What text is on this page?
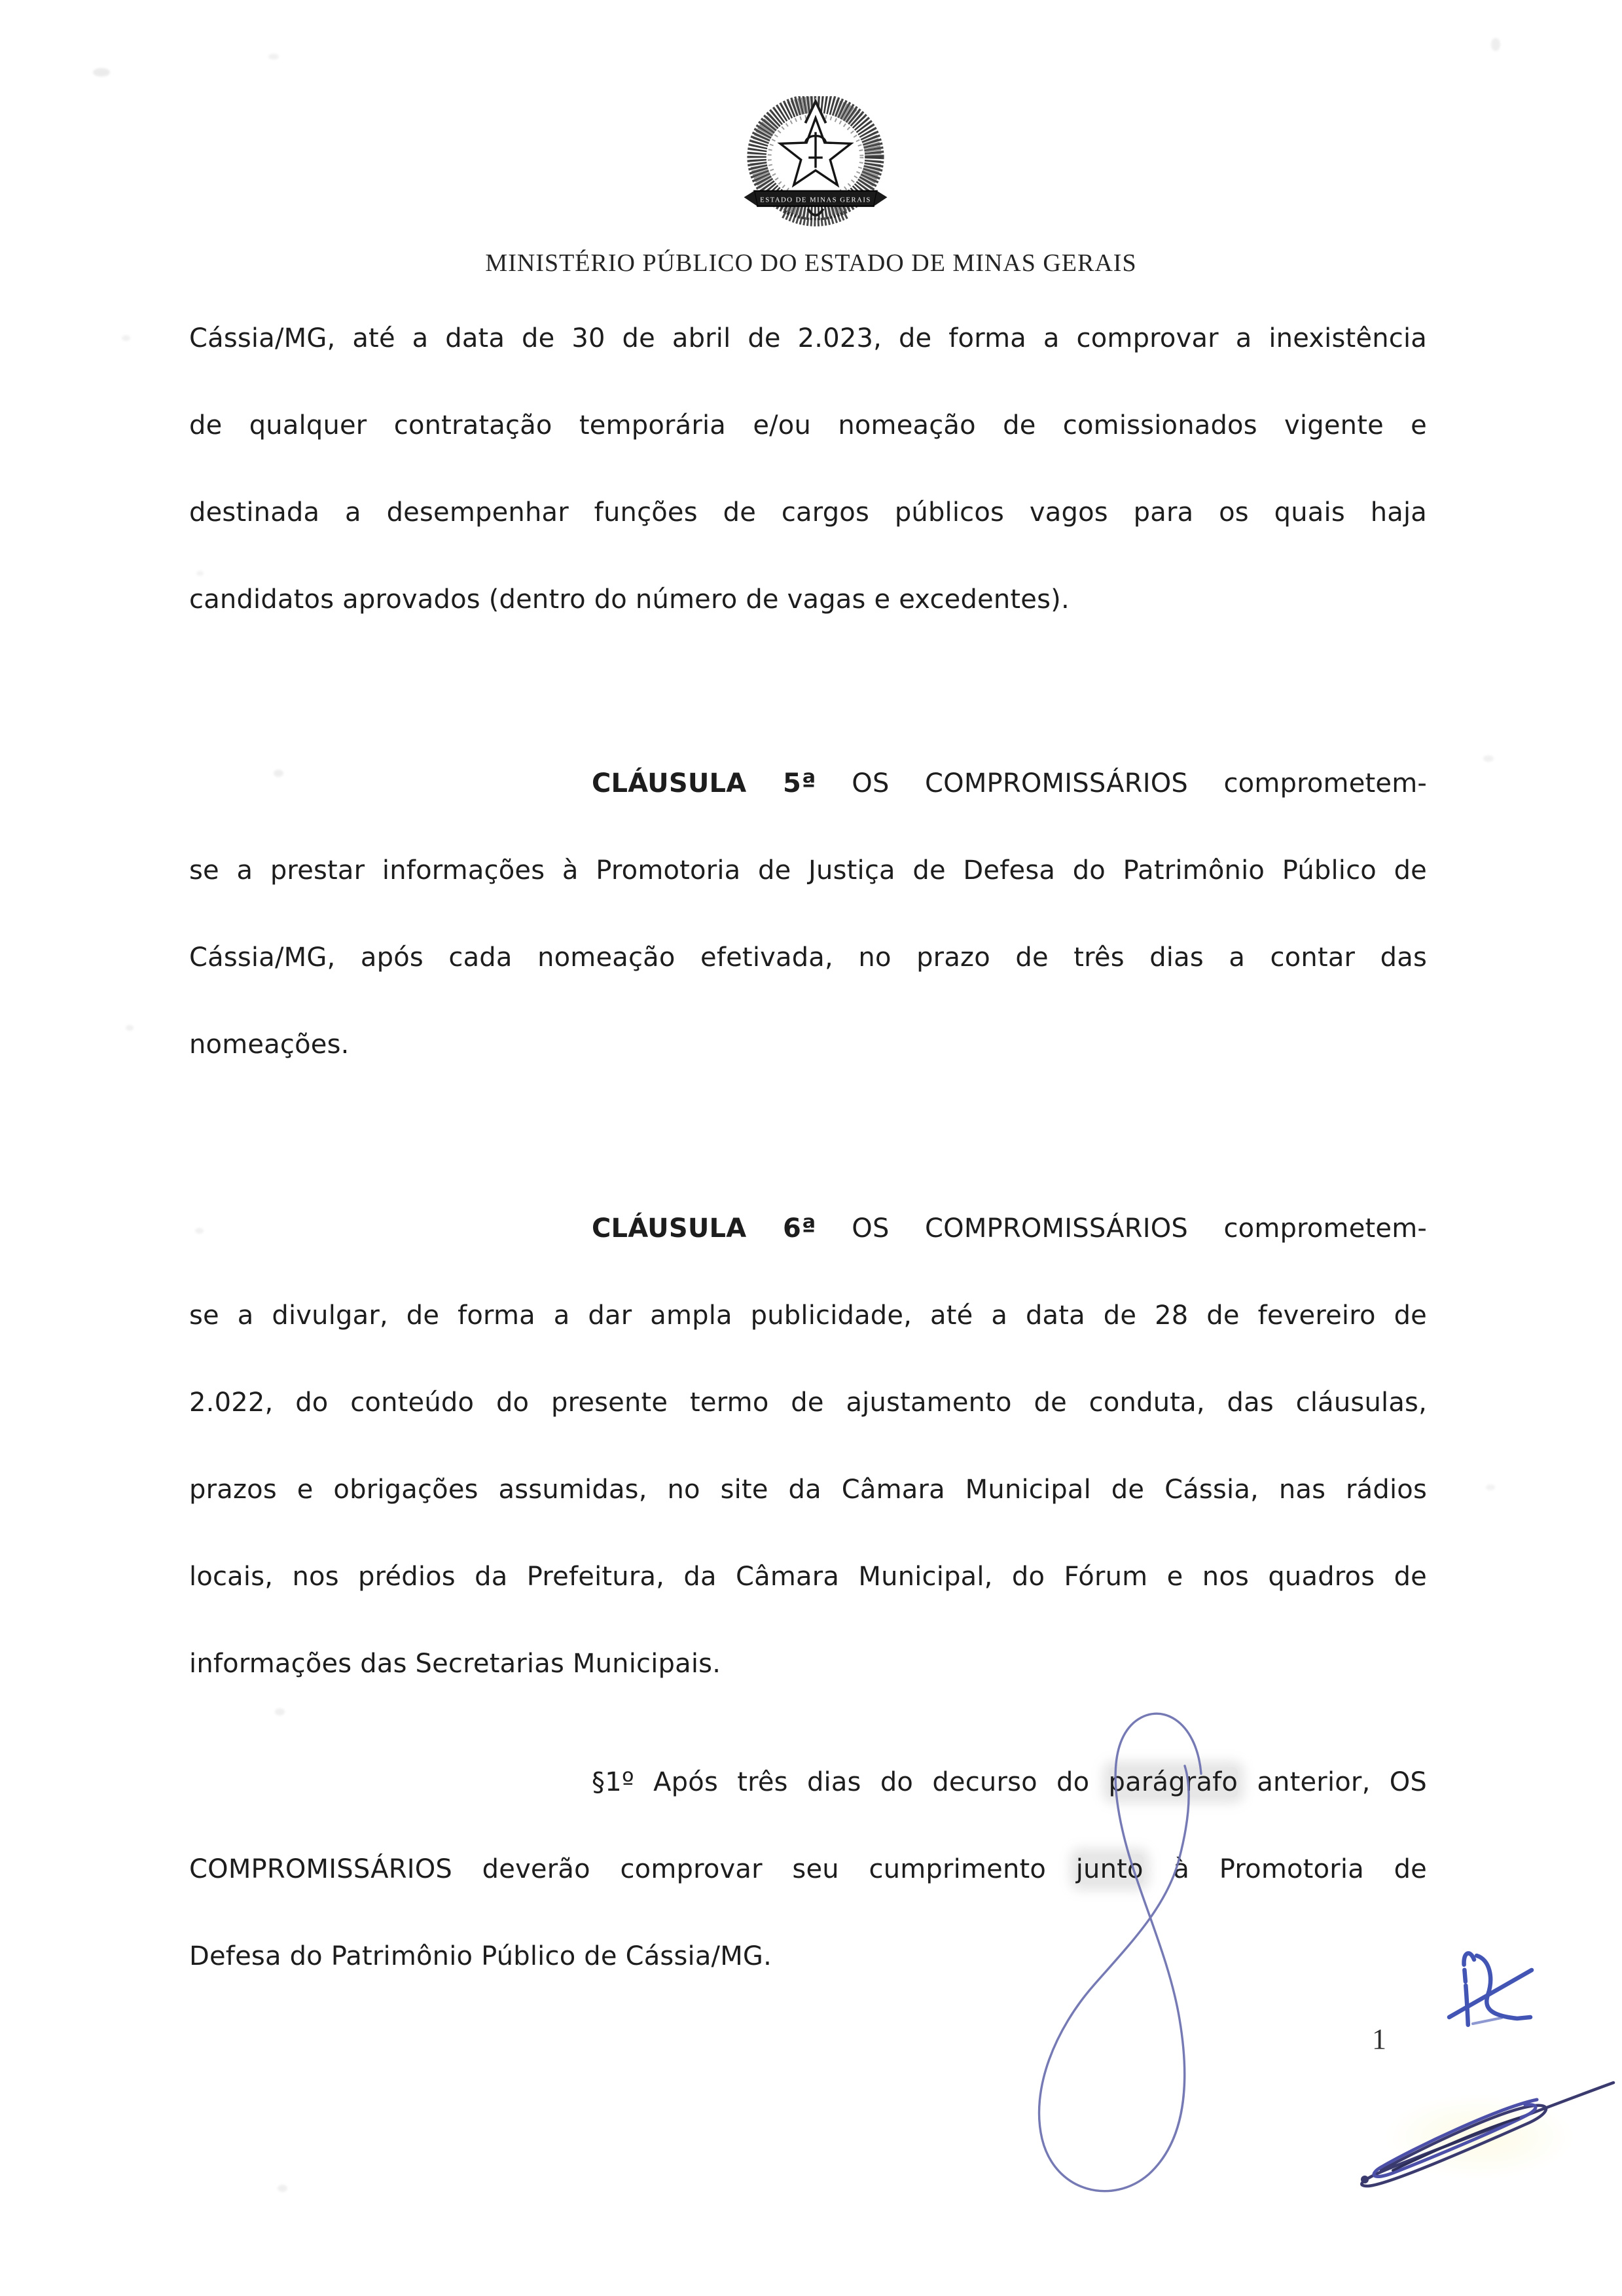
ESTADO DE MINAS GERAIS
MINISTÉRIO PÚBLICO DO ESTADO DE MINAS GERAIS
Cássia/MG, até a data de 30 de abril de 2.023, de forma a comprovar a inexistência
de qualquer contratação temporária e/ou nomeação de comissionados vigente e
destinada a desempenhar funções de cargos públicos vagos para os quais haja
candidatos aprovados (dentro do número de vagas e excedentes).
CLÁUSULA 5ª OS COMPROMISSÁRIOS comprometem-
se a prestar informações à Promotoria de Justiça de Defesa do Patrimônio Público de
Cássia/MG, após cada nomeação efetivada, no prazo de três dias a contar das
nomeações.
CLÁUSULA 6ª OS COMPROMISSÁRIOS comprometem-
se a divulgar, de forma a dar ampla publicidade, até a data de 28 de fevereiro de
2.022, do conteúdo do presente termo de ajustamento de conduta, das cláusulas,
prazos e obrigações assumidas, no site da Câmara Municipal de Cássia, nas rádios
locais, nos prédios da Prefeitura, da Câmara Municipal, do Fórum e nos quadros de
informações das Secretarias Municipais.
§1º Após três dias do decurso do parágrafo anterior, OS
COMPROMISSÁRIOS deverão comprovar seu cumprimento junto à Promotoria de
Defesa do Patrimônio Público de Cássia/MG.
1
